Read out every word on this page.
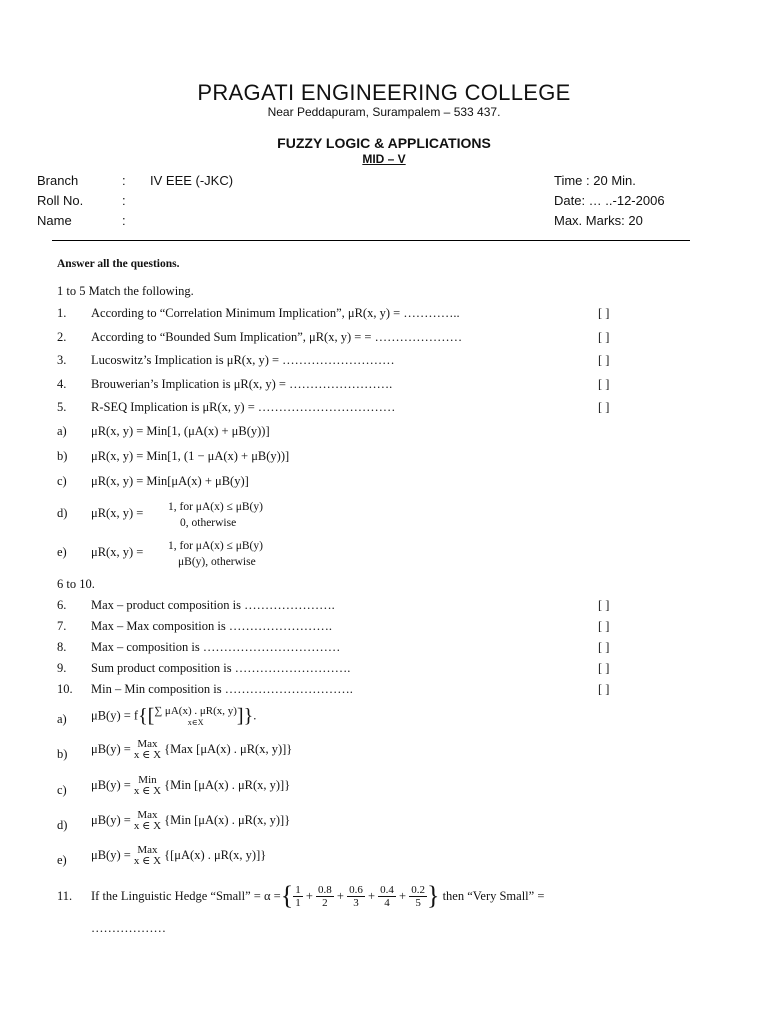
PRAGATI ENGINEERING COLLEGE
Near Peddapuram, Surampalem – 533 437.
FUZZY LOGIC & APPLICATIONS
MID – V
Branch	: IV EEE (-JKC)
Roll No.	:
Name	:
Time : 20 Min.
Date: … ..-12-2006
Max. Marks: 20
Answer all the questions.
1 to 5 Match the following.
1. According to “Correlation Minimum Implication”, μR(x, y) = …………..	[ ]
2. According to “Bounded Sum Implication”, μR(x, y) = = …………………	[ ]
3. Lucoswitz’s Implication is μR(x, y) = ………………………	[ ]
4. Brouwerian’s Implication is μR(x, y) = …………………….	[ ]
5. R-SEQ Implication is μR(x, y) = ……………………………	[ ]
a) μR(x, y) = Min[1, (μA(x) + μB(y))]
b) μR(x, y) = Min[1, (1 − μA(x) + μB(y))]
c) μR(x, y) = Min[μA(x) + μB(y)]
d) μR(x, y) = 1, for μA(x) ≤ μB(y)
0, otherwise
e) μR(x, y) = 1, for μA(x) ≤ μB(y)
μB(y), otherwise
6 to 10.
6. Max – product composition is ………………….	[ ]
7. Max – Max composition is …………………….	[ ]
8. Max – composition is ……………………………	[ ]
9. Sum product composition is ……………………….	[ ]
10. Min – Min composition is ………………………….	[ ]
a) μB(y) = f{[ ∑ μA(x) . μR(x, y)
x∈X	]}.
b) μB(y) = Max
x ∈ X {Max [μA(x) . μR(x, y)]}
c) μB(y) = Min
x ∈ X {Min [μA(x) . μR(x, y)]}
d) μB(y) = Max
x ∈ X {Min [μA(x) . μR(x, y)]}
e) μB(y) = Max
x ∈ X {[μA(x) . μR(x, y)]}
11. If the Linguistic Hedge “Small” =
α = { $\frac{1}{1} + \frac{0.8}{2} + \frac{0.6}{3} + \frac{0.4}{4} + \frac{0.2}{5}$ }
then “Very Small” =
………………
